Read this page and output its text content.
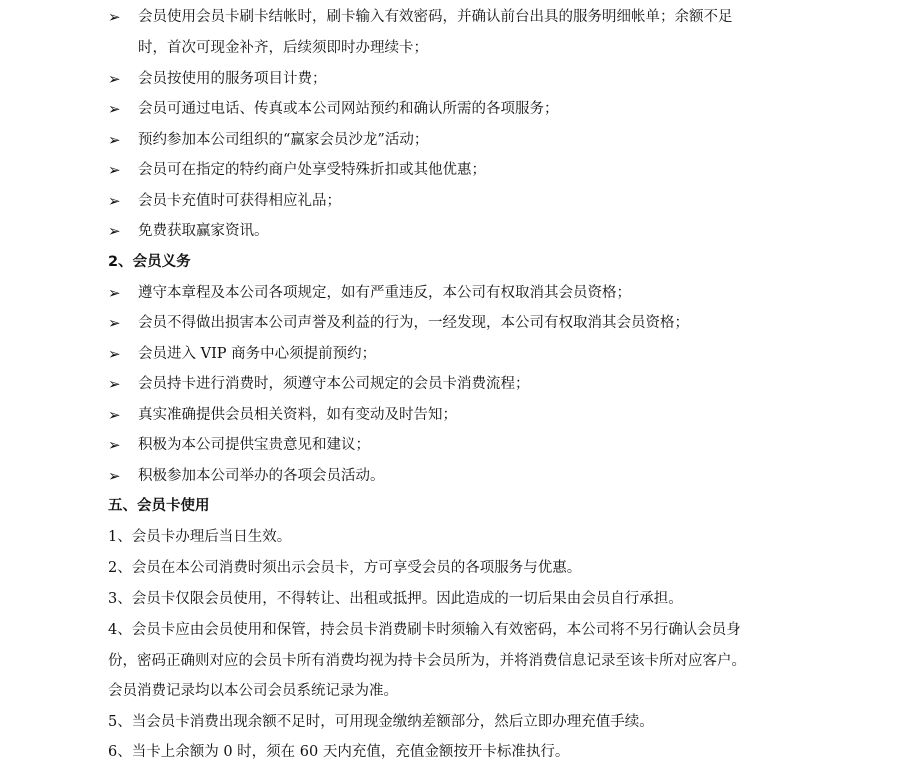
➢ 会员使用会员卡刷卡结帐时，刷卡输入有效密码，并确认前台出具的服务明细帐单；余额不足
时，首次可现金补齐，后续须即时办理续卡；
➢ 会员按使用的服务项目计费；
➢ 会员可通过电话、传真或本公司网站预约和确认所需的各项服务；
➢ 预约参加本公司组织的“赢家会员沙龙”活动；
➢ 会员可在指定的特约商户处享受特殊折扣或其他优惠；
➢ 会员卡充值时可获得相应礼品；
➢ 免费获取赢家资讯。
2、会员义务
➢ 遵守本章程及本公司各项规定，如有严重违反，本公司有权取消其会员资格；
➢ 会员不得做出损害本公司声誉及利益的行为，一经发现，本公司有权取消其会员资格；
➢ 会员进入 VIP 商务中心须提前预约；
➢ 会员持卡进行消费时，须遵守本公司规定的会员卡消费流程；
➢ 真实准确提供会员相关资料，如有变动及时告知；
➢ 积极为本公司提供宝贵意见和建议；
➢ 积极参加本公司举办的各项会员活动。
五、会员卡使用
1、会员卡办理后当日生效。
2、会员在本公司消费时须出示会员卡，方可享受会员的各项服务与优惠。
3、会员卡仅限会员使用，不得转让、出租或抵押。因此造成的一切后果由会员自行承担。
4、会员卡应由会员使用和保管，持会员卡消费刷卡时须输入有效密码，本公司将不另行确认会员身
份，密码正确则对应的会员卡所有消费均视为持卡会员所为，并将消费信息记录至该卡所对应客户。
会员消费记录均以本公司会员系统记录为准。
5、当会员卡消费出现余额不足时，可用现金缴纳差额部分，然后立即办理充值手续。
6、当卡上余额为 0 时，须在 60 天内充值，充值金额按开卡标准执行。
